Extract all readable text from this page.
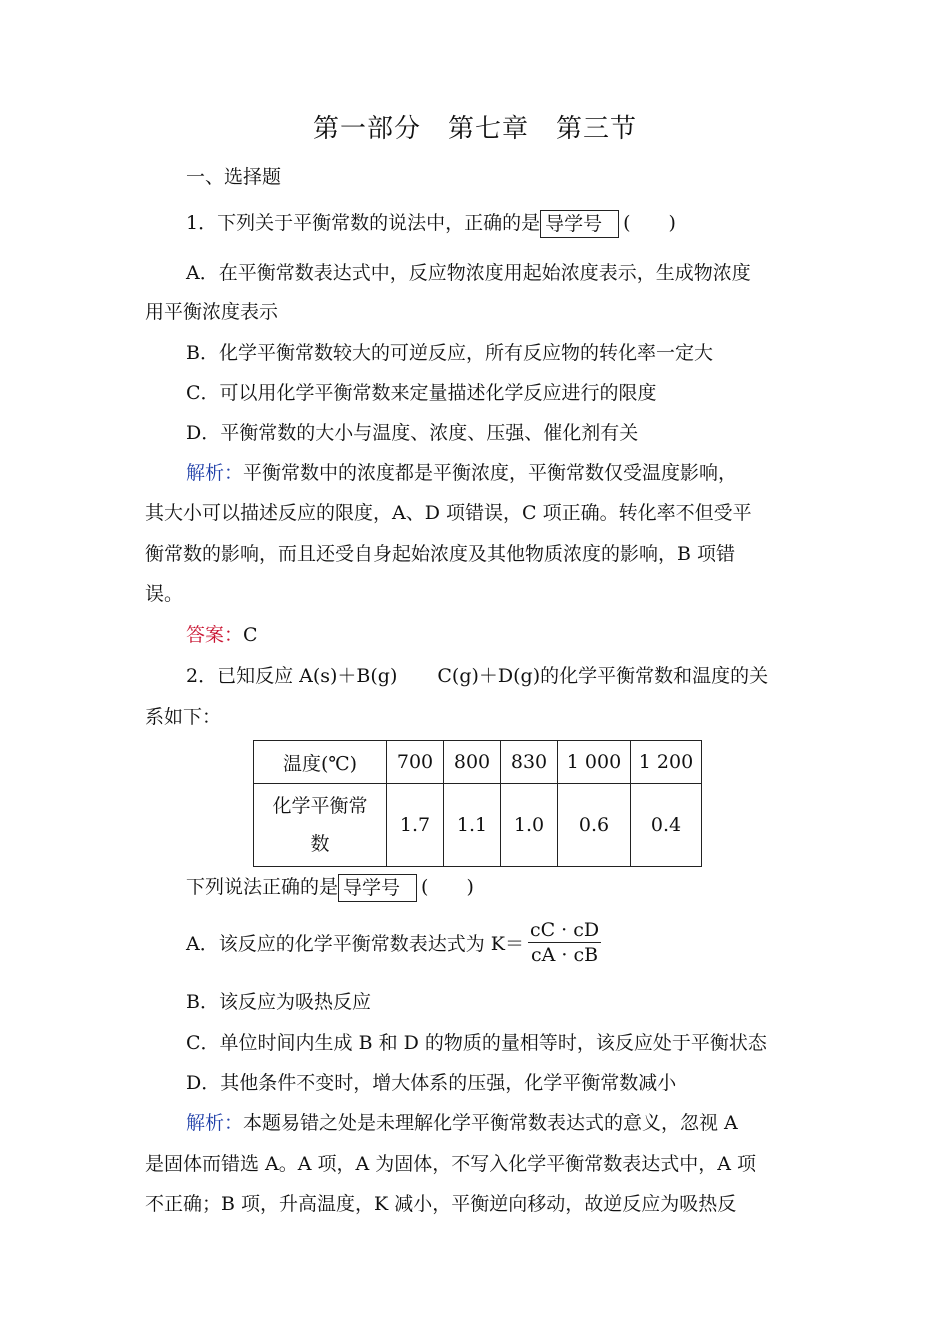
第一部分　第七章　第三节
一、选择题
1．下列关于平衡常数的说法中，正确的是 导学号 (　　)
A．在平衡常数表达式中，反应物浓度用起始浓度表示，生成物浓度
用平衡浓度表示
B．化学平衡常数较大的可逆反应，所有反应物的转化率一定大
C．可以用化学平衡常数来定量描述化学反应进行的限度
D．平衡常数的大小与温度、浓度、压强、催化剂有关
解析：平衡常数中的浓度都是平衡浓度，平衡常数仅受温度影响，
其大小可以描述反应的限度，A、D 项错误，C 项正确。转化率不但受平
衡常数的影响，而且还受自身起始浓度及其他物质浓度的影响，B 项错
误。
答案：C
2．已知反应 A(s)＋B(g) C(g)＋D(g)的化学平衡常数和温度的关
系如下：
温度(℃)	700	800	830	1 000	1 200

化学平衡常
数	1.7	1.1	1.0	0.6	0.4
下列说法正确的是 导学号 (　　)
A．该反应的化学平衡常数表达式为 $K= \frac{cC \cdot cD}{cA \cdot cB}$
B．该反应为吸热反应
C．单位时间内生成 B 和 D 的物质的量相等时，该反应处于平衡状态
D．其他条件不变时，增大体系的压强，化学平衡常数减小
解析：本题易错之处是未理解化学平衡常数表达式的意义，忽视 A
是固体而错选 A。A 项，A 为固体，不写入化学平衡常数表达式中，A 项
不正确；B 项，升高温度，K 减小，平衡逆向移动，故逆反应为吸热反
